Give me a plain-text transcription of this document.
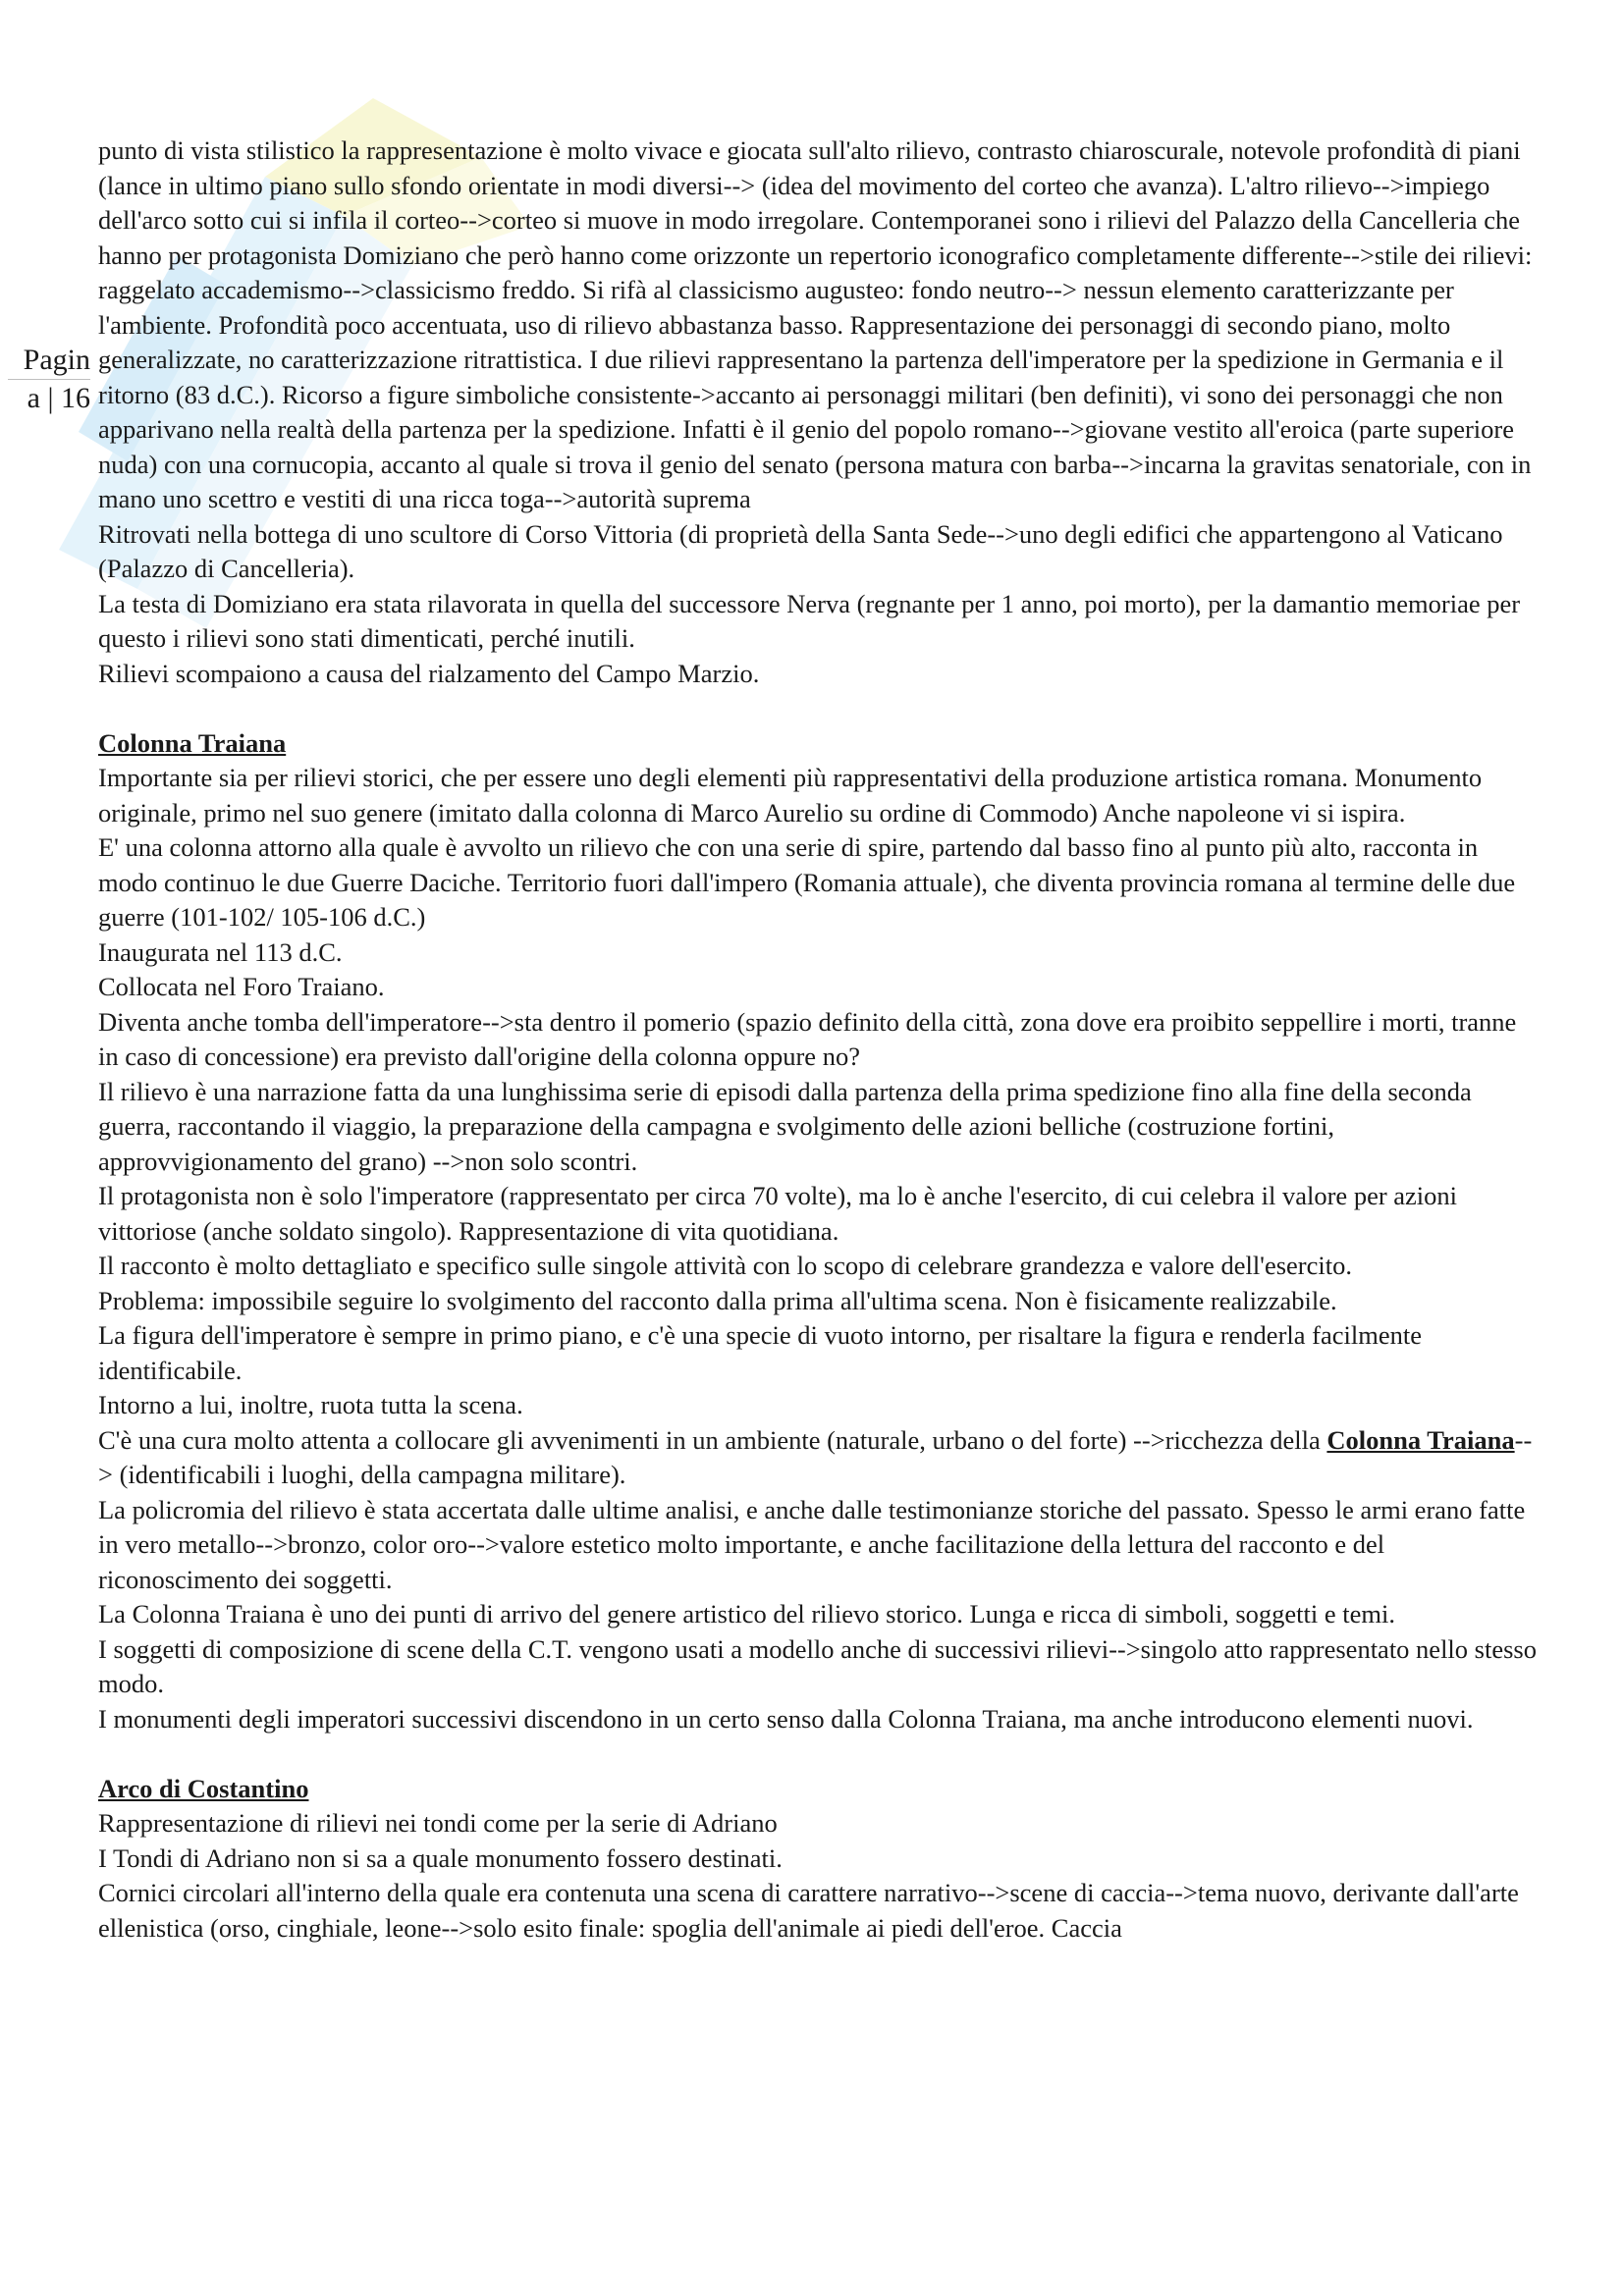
Pagin
a | 16

punto di vista stilistico la rappresentazione è molto vivace e giocata sull'alto rilievo, contrasto chiaroscurale, notevole profondità di piani (lance in ultimo piano sullo sfondo orientate in modi diversi--> (idea del movimento del corteo che avanza). L'altro rilievo-->impiego dell'arco sotto cui si infila il corteo-->corteo si muove in modo irregolare. Contemporanei sono i rilievi del Palazzo della Cancelleria che hanno per protagonista Domiziano che però hanno come orizzonte un repertorio iconografico completamente differente-->stile dei rilievi: raggelato accademismo-->classicismo freddo. Si rifà al classicismo augusteo: fondo neutro--> nessun elemento caratterizzante per l'ambiente. Profondità poco accentuata, uso di rilievo abbastanza basso. Rappresentazione dei personaggi di secondo piano, molto generalizzate, no caratterizzazione ritrattistica. I due rilievi rappresentano la partenza dell'imperatore per la spedizione in Germania e il ritorno (83 d.C.). Ricorso a figure simboliche consistente->accanto ai personaggi militari (ben definiti), vi sono dei personaggi che non apparivano nella realtà della partenza per la spedizione. Infatti è il genio del popolo romano-->giovane vestito all'eroica (parte superiore nuda) con una cornucopia, accanto al quale si trova il genio del senato (persona matura con barba-->incarna la gravitas senatoriale, con in mano uno scettro e vestiti di una ricca toga-->autorità suprema

Ritrovati nella bottega di uno scultore di Corso Vittoria (di proprietà della Santa Sede-->uno degli edifici che appartengono al Vaticano (Palazzo di Cancelleria).

La testa di Domiziano era stata rilavorata in quella del successore Nerva (regnante per 1 anno, poi morto), per la damantio memoriae per questo i rilievi sono stati dimenticati, perché inutili.

Rilievi scompaiono a causa del rialzamento del Campo Marzio.

Colonna Traiana

Importante sia per rilievi storici, che per essere uno degli elementi più rappresentativi della produzione artistica romana. Monumento originale, primo nel suo genere (imitato dalla colonna di Marco Aurelio su ordine di Commodo) Anche napoleone vi si ispira.

E' una colonna attorno alla quale è avvolto un rilievo che con una serie di spire, partendo dal basso fino al punto più alto, racconta in modo continuo le due Guerre Daciche. Territorio fuori dall'impero (Romania attuale), che diventa provincia romana al termine delle due guerre (101-102/ 105-106 d.C.)

Inaugurata nel 113 d.C.

Collocata nel Foro Traiano.

Diventa anche tomba dell'imperatore-->sta dentro il pomerio (spazio definito della città, zona dove era proibito seppellire i morti, tranne in caso di concessione) era previsto dall'origine della colonna oppure no?

Il rilievo è una narrazione fatta da una lunghissima serie di episodi dalla partenza della prima spedizione fino alla fine della seconda guerra, raccontando il viaggio, la preparazione della campagna e svolgimento delle azioni belliche (costruzione fortini, approvvigionamento del grano) -->non solo scontri.

Il protagonista non è solo l'imperatore (rappresentato per circa 70 volte), ma lo è anche l'esercito, di cui celebra il valore per azioni vittoriose (anche soldato singolo). Rappresentazione di vita quotidiana.

Il racconto è molto dettagliato e specifico sulle singole attività con lo scopo di celebrare grandezza e valore dell'esercito.

Problema: impossibile seguire lo svolgimento del racconto dalla prima all'ultima scena. Non è fisicamente realizzabile.

La figura dell'imperatore è sempre in primo piano, e c'è una specie di vuoto intorno, per risaltare la figura e renderla facilmente identificabile.

Intorno a lui, inoltre, ruota tutta la scena.

C'è una cura molto attenta a collocare gli avvenimenti in un ambiente (naturale, urbano o del forte) -->ricchezza della Colonna Traiana--> (identificabili i luoghi, della campagna militare).

La policromia del rilievo è stata accertata dalle ultime analisi, e anche dalle testimonianze storiche del passato. Spesso le armi erano fatte in vero metallo-->bronzo, color oro-->valore estetico molto importante, e anche facilitazione della lettura del racconto e del riconoscimento dei soggetti.

La Colonna Traiana è uno dei punti di arrivo del genere artistico del rilievo storico. Lunga e ricca di simboli, soggetti e temi.

I soggetti di composizione di scene della C.T. vengono usati a modello anche di successivi rilievi-->singolo atto rappresentato nello stesso modo.

I monumenti degli imperatori successivi discendono in un certo senso dalla Colonna Traiana, ma anche introducono elementi nuovi.

Arco di Costantino

Rappresentazione di rilievi nei tondi come per la serie di Adriano

I Tondi di Adriano non si sa a quale monumento fossero destinati.

Cornici circolari all'interno della quale era contenuta una scena di carattere narrativo-->scene di caccia-->tema nuovo, derivante dall'arte ellenistica (orso, cinghiale, leone-->solo esito finale: spoglia dell'animale ai piedi dell'eroe. Caccia
